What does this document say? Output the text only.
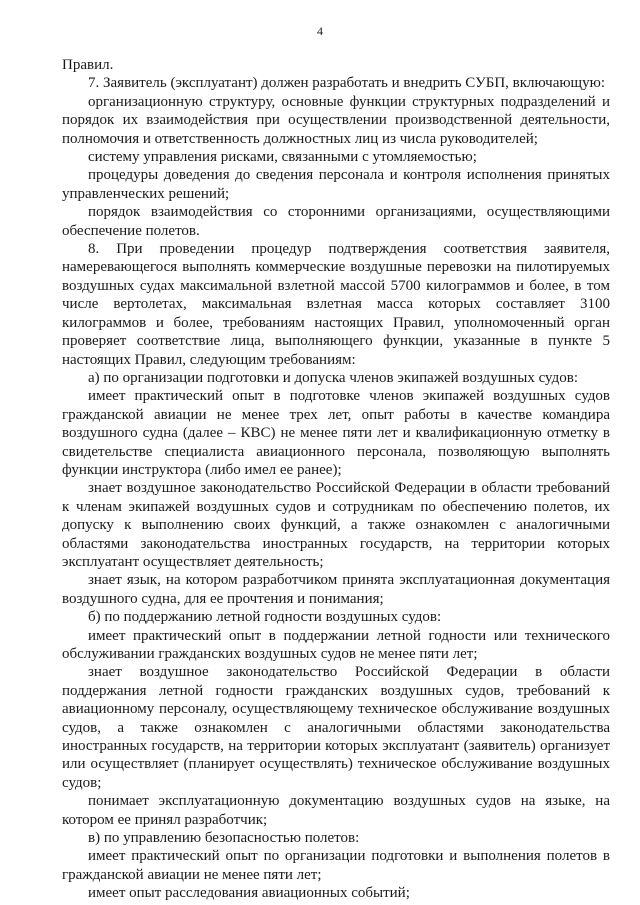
4

Правил.

7. Заявитель (эксплуатант) должен разработать и внедрить СУБП, включающую:

организационную структуру, основные функции структурных подразделений и порядок их взаимодействия при осуществлении производственной деятельности, полномочия и ответственность должностных лиц из числа руководителей;

систему управления рисками, связанными с утомляемостью;

процедуры доведения до сведения персонала и контроля исполнения принятых управленческих решений;

порядок взаимодействия со сторонними организациями, осуществляющими обеспечение полетов.

8. При проведении процедур подтверждения соответствия заявителя, намеревающегося выполнять коммерческие воздушные перевозки на пилотируемых воздушных судах максимальной взлетной массой 5700 килограммов и более, в том числе вертолетах, максимальная взлетная масса которых составляет 3100 килограммов и более, требованиям настоящих Правил, уполномоченный орган проверяет соответствие лица, выполняющего функции, указанные в пункте 5 настоящих Правил, следующим требованиям:

а) по организации подготовки и допуска членов экипажей воздушных судов:

имеет практический опыт в подготовке членов экипажей воздушных судов гражданской авиации не менее трех лет, опыт работы в качестве командира воздушного судна (далее – КВС) не менее пяти лет и квалификационную отметку в свидетельстве специалиста авиационного персонала, позволяющую выполнять функции инструктора (либо имел ее ранее);

знает воздушное законодательство Российской Федерации в области требований к членам экипажей воздушных судов и сотрудникам по обеспечению полетов, их допуску к выполнению своих функций, а также ознакомлен с аналогичными областями законодательства иностранных государств, на территории которых эксплуатант осуществляет деятельность;

знает язык, на котором разработчиком принята эксплуатационная документация воздушного судна, для ее прочтения и понимания;

б) по поддержанию летной годности воздушных судов:

имеет практический опыт в поддержании летной годности или технического обслуживании гражданских воздушных судов не менее пяти лет;

знает воздушное законодательство Российской Федерации в области поддержания летной годности гражданских воздушных судов, требований к авиационному персоналу, осуществляющему техническое обслуживание воздушных судов, а также ознакомлен с аналогичными областями законодательства иностранных государств, на территории которых эксплуатант (заявитель) организует или осуществляет (планирует осуществлять) техническое обслуживание воздушных судов;

понимает эксплуатационную документацию воздушных судов на языке, на котором ее принял разработчик;

в) по управлению безопасностью полетов:

имеет практический опыт по организации подготовки и выполнения полетов в гражданской авиации не менее пяти лет;

имеет опыт расследования авиационных событий;
